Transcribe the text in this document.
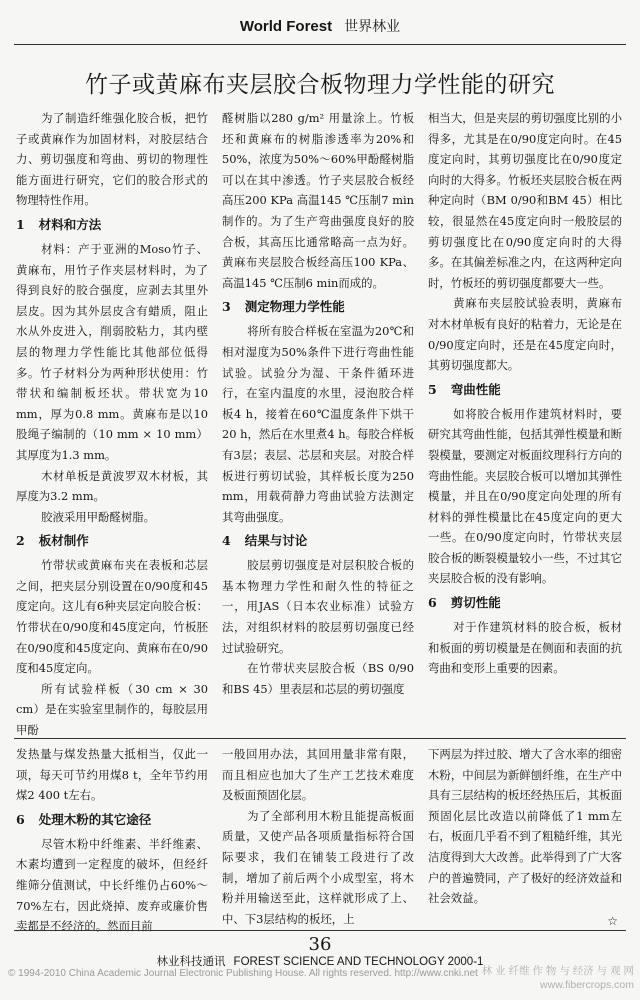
World Forest 世界林业
竹子或黄麻布夹层胶合板物理力学性能的研究

为了制造纤维强化胶合板，把竹子或黄麻作为加固材料，对胶层结合力、剪切强度和弯曲、剪切的物理性能方面进行研究，它们的胶合形式的物理特性作用。

1 材料和方法

材料：产于亚洲的Moso竹子、黄麻布，用竹子作夹层材料时，为了得到良好的胶合强度，应剥去其里外层皮。因为其外层皮含有蜡质，阻止水从外皮进入，削弱胶粘力，其内壁层的物理力学性能比其他部位低得多。竹子材料分为两种形状使用：竹带状和编制板坯状。带状宽为10 mm，厚为0.8 mm。黄麻布是以10股绳子编制的（10 mm × 10 mm）其厚度为1.3 mm。

木材单板是黄波罗双木材板，其厚度为3.2 mm。

胶液采用甲酚醛树脂。

2 板材制作

竹带状或黄麻布夹在表板和芯层之间，把夹层分别设置在0/90度和45度定向。这儿有6种夹层定向胶合板：竹带状在0/90度和45度定向，竹板胚在0/90度和45度定向、黄麻布在0/90度和45度定向。

所有试验样板（30 cm × 30 cm）是在实验室里制作的，每胶层用甲酚

醛树脂以280 g/m² 用量涂上。竹板坯和黄麻布的树脂渗透率为20%和50%，浓度为50%～60%甲酚醛树脂可以在其中渗透。竹子夹层胶合板经高压200 KPa 高温145 ℃压制7 min制作的。为了生产弯曲强度良好的胶合板，其高压比通常略高一点为好。黄麻布夹层胶合板经高压100 KPa、高温145 ℃压制6 min而成的。

3 测定物理力学性能

将所有胶合样板在室温为20℃和相对湿度为50%条件下进行弯曲性能试验。试验分为湿、干条件循环进行，在室内温度的水里，浸泡胶合样板4 h，接着在60℃温度条件下烘干20 h，然后在水里煮4 h。每胶合样板有3层；表层、芯层和夹层。对胶合样板进行剪切试验，其样板长度为250 mm，用载荷静力弯曲试验方法测定其弯曲强度。

4 结果与讨论

胶层剪切强度是对层积胶合板的基本物理力学性和耐久性的特征之一，用JAS（日本农业标准）试验方法，对组织材料的胶层剪切强度已经过试验研究。

在竹带状夹层胶合板（BS 0/90和BS 45）里表层和芯层的剪切强度

相当大，但是夹层的剪切强度比别的小得多，尤其是在0/90度定向时。在45度定向时，其剪切强度比在0/90度定向时的大得多。竹板坯夹层胶合板在两种定向时（BM 0/90和BM 45）相比较，很显然在45度定向时一般胶层的剪切强度比在0/90度定向时的大得多。在其偏差标准之内，在这两种定向时，竹板坯的剪切强度都要大一些。

黄麻布夹层胶试验表明，黄麻布对木材单板有良好的粘着力，无论是在0/90度定向时，还是在45度定向时，其剪切强度都大。

5 弯曲性能

如将胶合板用作建筑材料时，要研究其弯曲性能，包括其弹性模量和断裂模量，要测定对板面纹理科行方向的弯曲性能。夹层胶合板可以增加其弹性模量，并且在0/90度定向处理的所有材料的弹性模量比在45度定向的更大一些。在0/90度定向时，竹带状夹层胶合板的断裂模量较小一些，不过其它夹层胶合板的没有影响。

6 剪切性能

对于作建筑材料的胶合板，板材和板面的剪切模量是在侧面和表面的抗弯曲和变形上重要的因素。

发热量与煤发热量大抵相当，仅此一项，每天可节约用煤8 t，全年节约用煤2 400 t左右。

6 处理木粉的其它途径

尽管木粉中纤维素、半纤维素、木素均遭到一定程度的破坏，但经纤维筛分值测试，中长纤维仍占60%～70%左右，因此烧掉、废弃或廉价售卖都是不经济的。然而目前

一般回用办法，其回用量非常有限，而且相应也加大了生产工艺技术难度及板面预固化层。

为了全部利用木粉且能提高板面质量，又使产品各项质量指标符合国际要求，我们在铺装工段进行了改制，增加了前后两个小成型室，将木粉并用输送至此，这样就形成了上、中、下3层结构的板坯，上

下两层为拌过胶、增大了含水率的细密木粉，中间层为新鲜刨纤维，在生产中具有三层结构的板坯经热压后，其板面预固化层比改造以前降低了1 mm左右，板面几乎看不到了粗糙纤维，其光洁度得到大大改善。此举得到了广大客户的普遍赞同，产了极好的经济效益和社会效益。

☆
36
林业科技通讯 FOREST SCIENCE AND TECHNOLOGY 2000-1
© 1994-2010 China Academic Journal Electronic Publishing House. All rights reserved. http://www.cnki.net 林 业 纤维 作 物 与 经济 与 观 网
www.fibercrops.com
